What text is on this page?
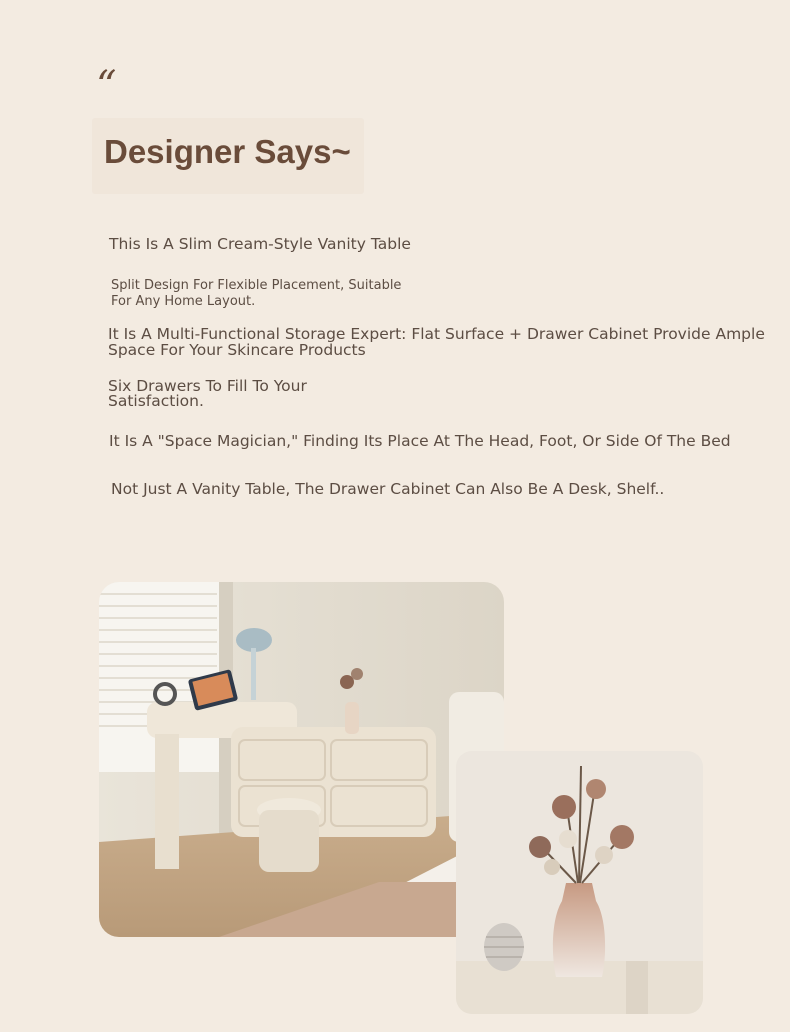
“
Designer Says~

This Is A Slim Cream-Style Vanity Table

Split Design For Flexible Placement, Suitable
For Any Home Layout.

It Is A Multi-Functional Storage Expert: Flat Surface + Drawer Cabinet Provide Ample
Space For Your Skincare Products

Six Drawers To Fill To Your
Satisfaction.

It Is A "Space Magician," Finding Its Place At The Head, Foot, Or Side Of The Bed

Not Just A Vanity Table, The Drawer Cabinet Can Also Be A Desk, Shelf..
